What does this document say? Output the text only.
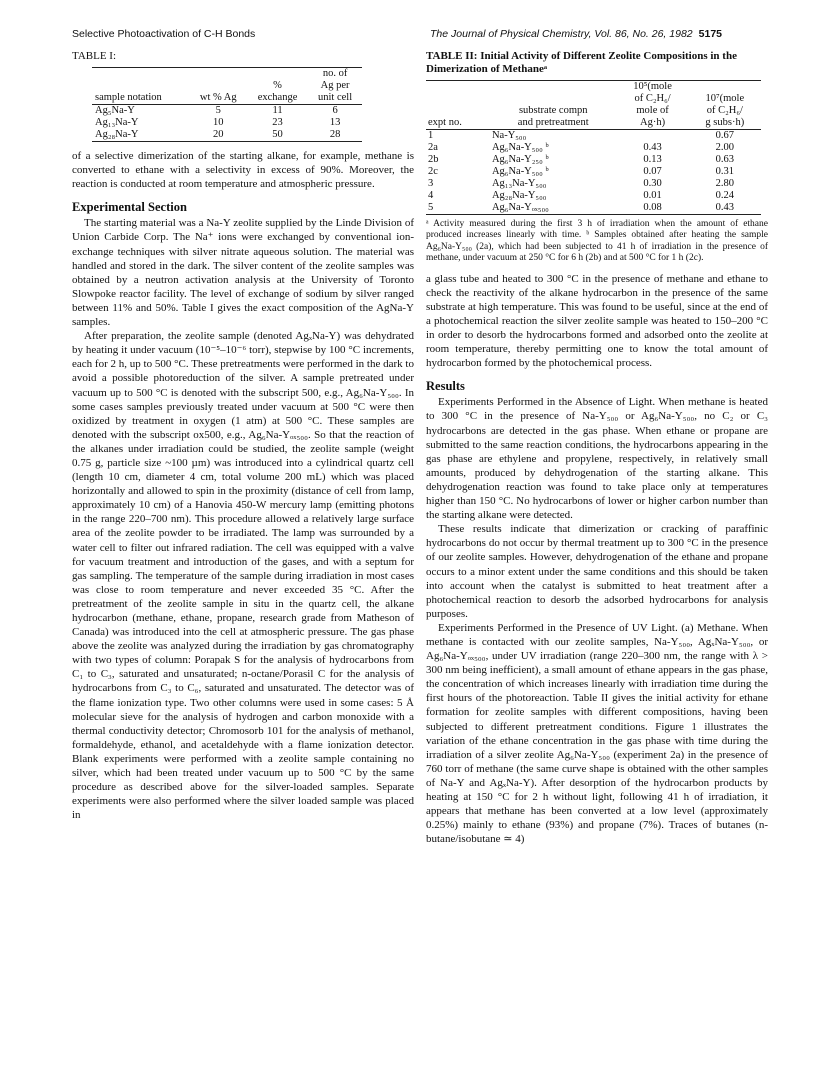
Selective Photoactivation of C-H Bonds	The Journal of Physical Chemistry, Vol. 86, No. 26, 1982 5175
TABLE I:
			no. of
		%	Ag per
sample notation	wt % Ag	exchange	unit cell
Ag₅Na-Y	5	11	6
Ag₁₃Na-Y	10	23	13
Ag₂₈Na-Y	20	50	28

of a selective dimerization of the starting alkane, for example, methane is converted to ethane with a selectivity in excess of 90%. Moreover, the reaction is conducted at room temperature and atmospheric pressure.

Experimental Section

The starting material was a Na-Y zeolite supplied by the Linde Division of Union Carbide Corp. The Na⁺ ions were exchanged by conventional ion-exchange techniques with silver nitrate aqueous solution. The material was handled and stored in the dark. The silver content of the zeolite samples was obtained by a neutron activation analysis at the University of Toronto Slowpoke reactor facility. The level of exchange of sodium by silver ranged between 11% and 50%. Table I gives the exact composition of the AgNa-Y samples.

After preparation, the zeolite sample (denoted AgₓNa-Y) was dehydrated by heating it under vacuum (10⁻⁵–10⁻⁶ torr), stepwise by 100 °C increments, each for 2 h, up to 500 °C. These pretreatments were performed in the dark to avoid a possible photoreduction of the silver. A sample pretreated under vacuum up to 500 °C is denoted with the subscript 500, e.g., Ag₆Na-Y₅₀₀. In some cases samples previously treated under vacuum at 500 °C were then oxidized by treatment in oxygen (1 atm) at 500 °C. These samples are denoted with the subscript ox500, e.g., Ag₆Na-Yₒₓ₅₀₀. So that the reaction of the alkanes under irradiation could be studied, the zeolite sample (weight 0.75 g, particle size ~100 µm) was introduced into a cylindrical quartz cell (length 10 cm, diameter 4 cm, total volume 200 mL) which was placed horizontally and allowed to spin in the proximity (distance of cell from lamp, approximately 10 cm) of a Hanovia 450-W mercury lamp (emitting photons in the range 220–700 nm). This procedure allowed a relatively large surface area of the zeolite powder to be irradiated. The lamp was surrounded by a water cell to filter out infrared radiation. The cell was equipped with a valve for vacuum treatment and introduction of the gases, and with a septum for gas sampling. The temperature of the sample during irradiation in most cases was close to room temperature and never exceeded 35 °C. After the pretreatment of the zeolite sample in situ in the quartz cell, the alkane hydrocarbon (methane, ethane, propane, research grade from Matheson of Canada) was introduced into the cell at atmospheric pressure. The gas phase above the zeolite was analyzed during the irradiation by gas chromatography with two types of column: Porapak S for the analysis of hydrocarbons from C₁ to C₃, saturated and unsaturated; n-octane/Porasil C for the analysis of hydrocarbons from C₃ to C₆, saturated and unsaturated. The detector was of the flame ionization type. Two other columns were used in some cases: 5 Å molecular sieve for the analysis of hydrogen and carbon monoxide with a thermal conductivity detector; Chromosorb 101 for the analysis of methanol, formaldehyde, ethanol, and acetaldehyde with a flame ionization detector. Blank experiments were performed with a zeolite sample containing no silver, which had been treated under vacuum up to 500 °C by the same procedure as described above for the silver-loaded samples. Separate experiments were also performed where the silver loaded sample was placed in

TABLE II: Initial Activity of Different Zeolite Compositions in the Dimerization of Methaneᵃ
		10⁵(mole	
		of C₂H₆/	10⁷(mole
	substrate compn	mole of	of C₂H₆/
expt no.	and pretreatment	Ag·h)	g subs·h)
1	Na-Y₅₀₀		0.67
2a	Ag₆Na-Y₅₀₀ ᵇ	0.43	2.00
2b	Ag₆Na-Y₂₅₀ ᵇ	0.13	0.63
2c	Ag₆Na-Y₅₀₀ ᵇ	0.07	0.31
3	Ag₁₃Na-Y₅₀₀	0.30	2.80
4	Ag₂₈Na-Y₅₀₀	0.01	0.24
5	Ag₆Na-Yₒₓ₅₀₀	0.08	0.43
ᵃ Activity measured during the first 3 h of irradiation when the amount of ethane produced increases linearly with time. ᵇ Samples obtained after heating the sample Ag₆Na-Y₅₀₀ (2a), which had been subjected to 41 h of irradiation in the presence of methane, under vacuum at 250 °C for 6 h (2b) and at 500 °C for 1 h (2c).

a glass tube and heated to 300 °C in the presence of methane and ethane to check the reactivity of the alkane hydrocarbon in the presence of the same substrate at high temperature. This was found to be useful, since at the end of a photochemical reaction the silver zeolite sample was heated to 150–200 °C in order to desorb the hydrocarbons formed and adsorbed onto the zeolite at room temperature, thereby permitting one to know the total amount of hydrocarbon formed by the photochemical process.

Results

Experiments Performed in the Absence of Light. When methane is heated to 300 °C in the presence of Na-Y₅₀₀ or Ag₆Na-Y₅₀₀, no C₂ or C₃ hydrocarbons are detected in the gas phase. When ethane or propane are submitted to the same reaction conditions, the hydrocarbons appearing in the gas phase are ethylene and propylene, respectively, in relatively small amounts, produced by dehydrogenation of the starting alkane. This dehydrogenation reaction was found to take place only at temperatures higher than 150 °C. No hydrocarbons of lower or higher carbon number than the starting alkane were detected.

These results indicate that dimerization or cracking of paraffinic hydrocarbons do not occur by thermal treatment up to 300 °C in the presence of our zeolite samples. However, dehydrogenation of the ethane and propane occurs to a minor extent under the same conditions and this should be taken into account when the catalyst is submitted to heat treatment after a photochemical reaction to desorb the adsorbed hydrocarbons for analysis purposes.

Experiments Performed in the Presence of UV Light. (a) Methane. When methane is contacted with our zeolite samples, Na-Y₅₀₀, AgₓNa-Y₅₀₀, or Ag₆Na-Yₒₓ₅₀₀, under UV irradiation (range 220–300 nm, the range with λ > 300 nm being inefficient), a small amount of ethane appears in the gas phase, the concentration of which increases linearly with irradiation time during the first hours of the photoreaction. Table II gives the initial activity for ethane formation for zeolite samples with different compositions, having been subjected to different pretreatment conditions. Figure 1 illustrates the variation of the ethane concentration in the gas phase with time during the irradiation of a silver zeolite Ag₆Na-Y₅₀₀ (experiment 2a) in the presence of 760 torr of methane (the same curve shape is obtained with the other samples of Na-Y and AgₓNa-Y). After desorption of the hydrocarbon products by heating at 150 °C for 2 h without light, following 41 h of irradiation, it appears that methane has been converted at a low level (approximately 0.25%) mainly to ethane (93%) and propane (7%). Traces of butanes (n-butane/isobutane ≃ 4)
